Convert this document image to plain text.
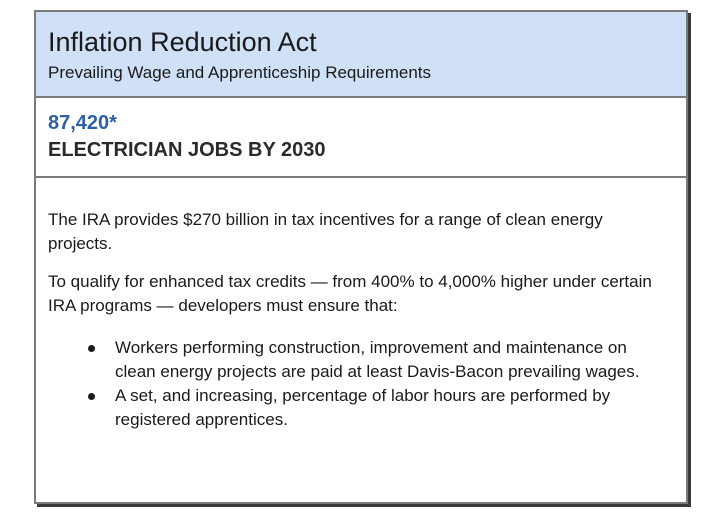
Inflation Reduction Act
Prevailing Wage and Apprenticeship Requirements
87,420*
ELECTRICIAN JOBS BY 2030

The IRA provides $270 billion in tax incentives for a range of clean energy projects.

To qualify for enhanced tax credits — from 400% to 4,000% higher under certain IRA programs — developers must ensure that:

Workers performing construction, improvement and maintenance on clean energy projects are paid at least Davis-Bacon prevailing wages.
A set, and increasing, percentage of labor hours are performed by registered apprentices.
